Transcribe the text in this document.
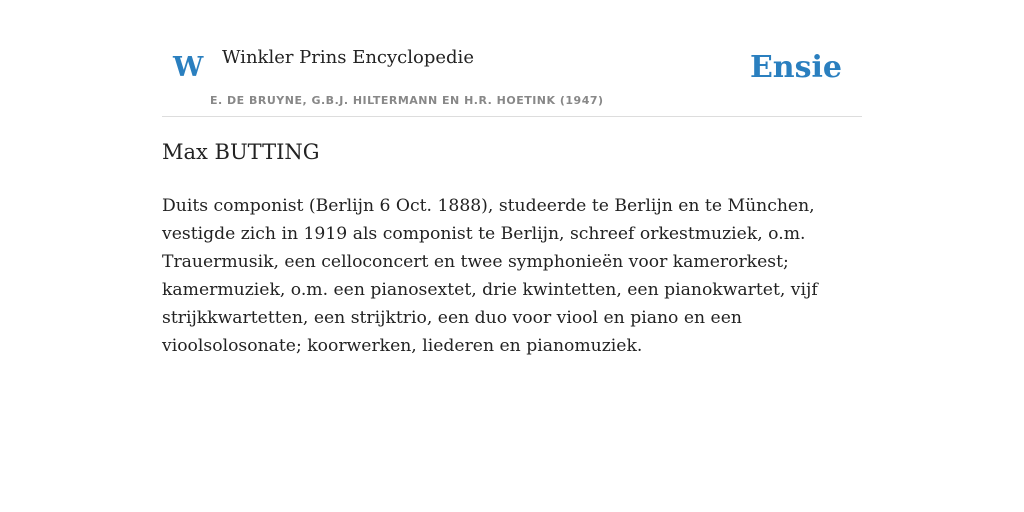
W Winkler Prins Encyclopedie
E. DE BRUYNE, G.B.J. HILTERMANN EN H.R. HOETINK (1947)
Ensie
Max BUTTING

Duits componist (Berlijn 6 Oct. 1888), studeerde te Berlijn en te München, vestigde zich in 1919 als componist te Berlijn, schreef orkestmuziek, o.m. Trauermusik, een celloconcert en twee symphonieën voor kamerorkest; kamermuziek, o.m. een pianosextet, drie kwintetten, een pianokwartet, vijf strijkkwartetten, een strijktrio, een duo voor viool en piano en een vioolsolosonate; koorwerken, liederen en pianomuziek.
